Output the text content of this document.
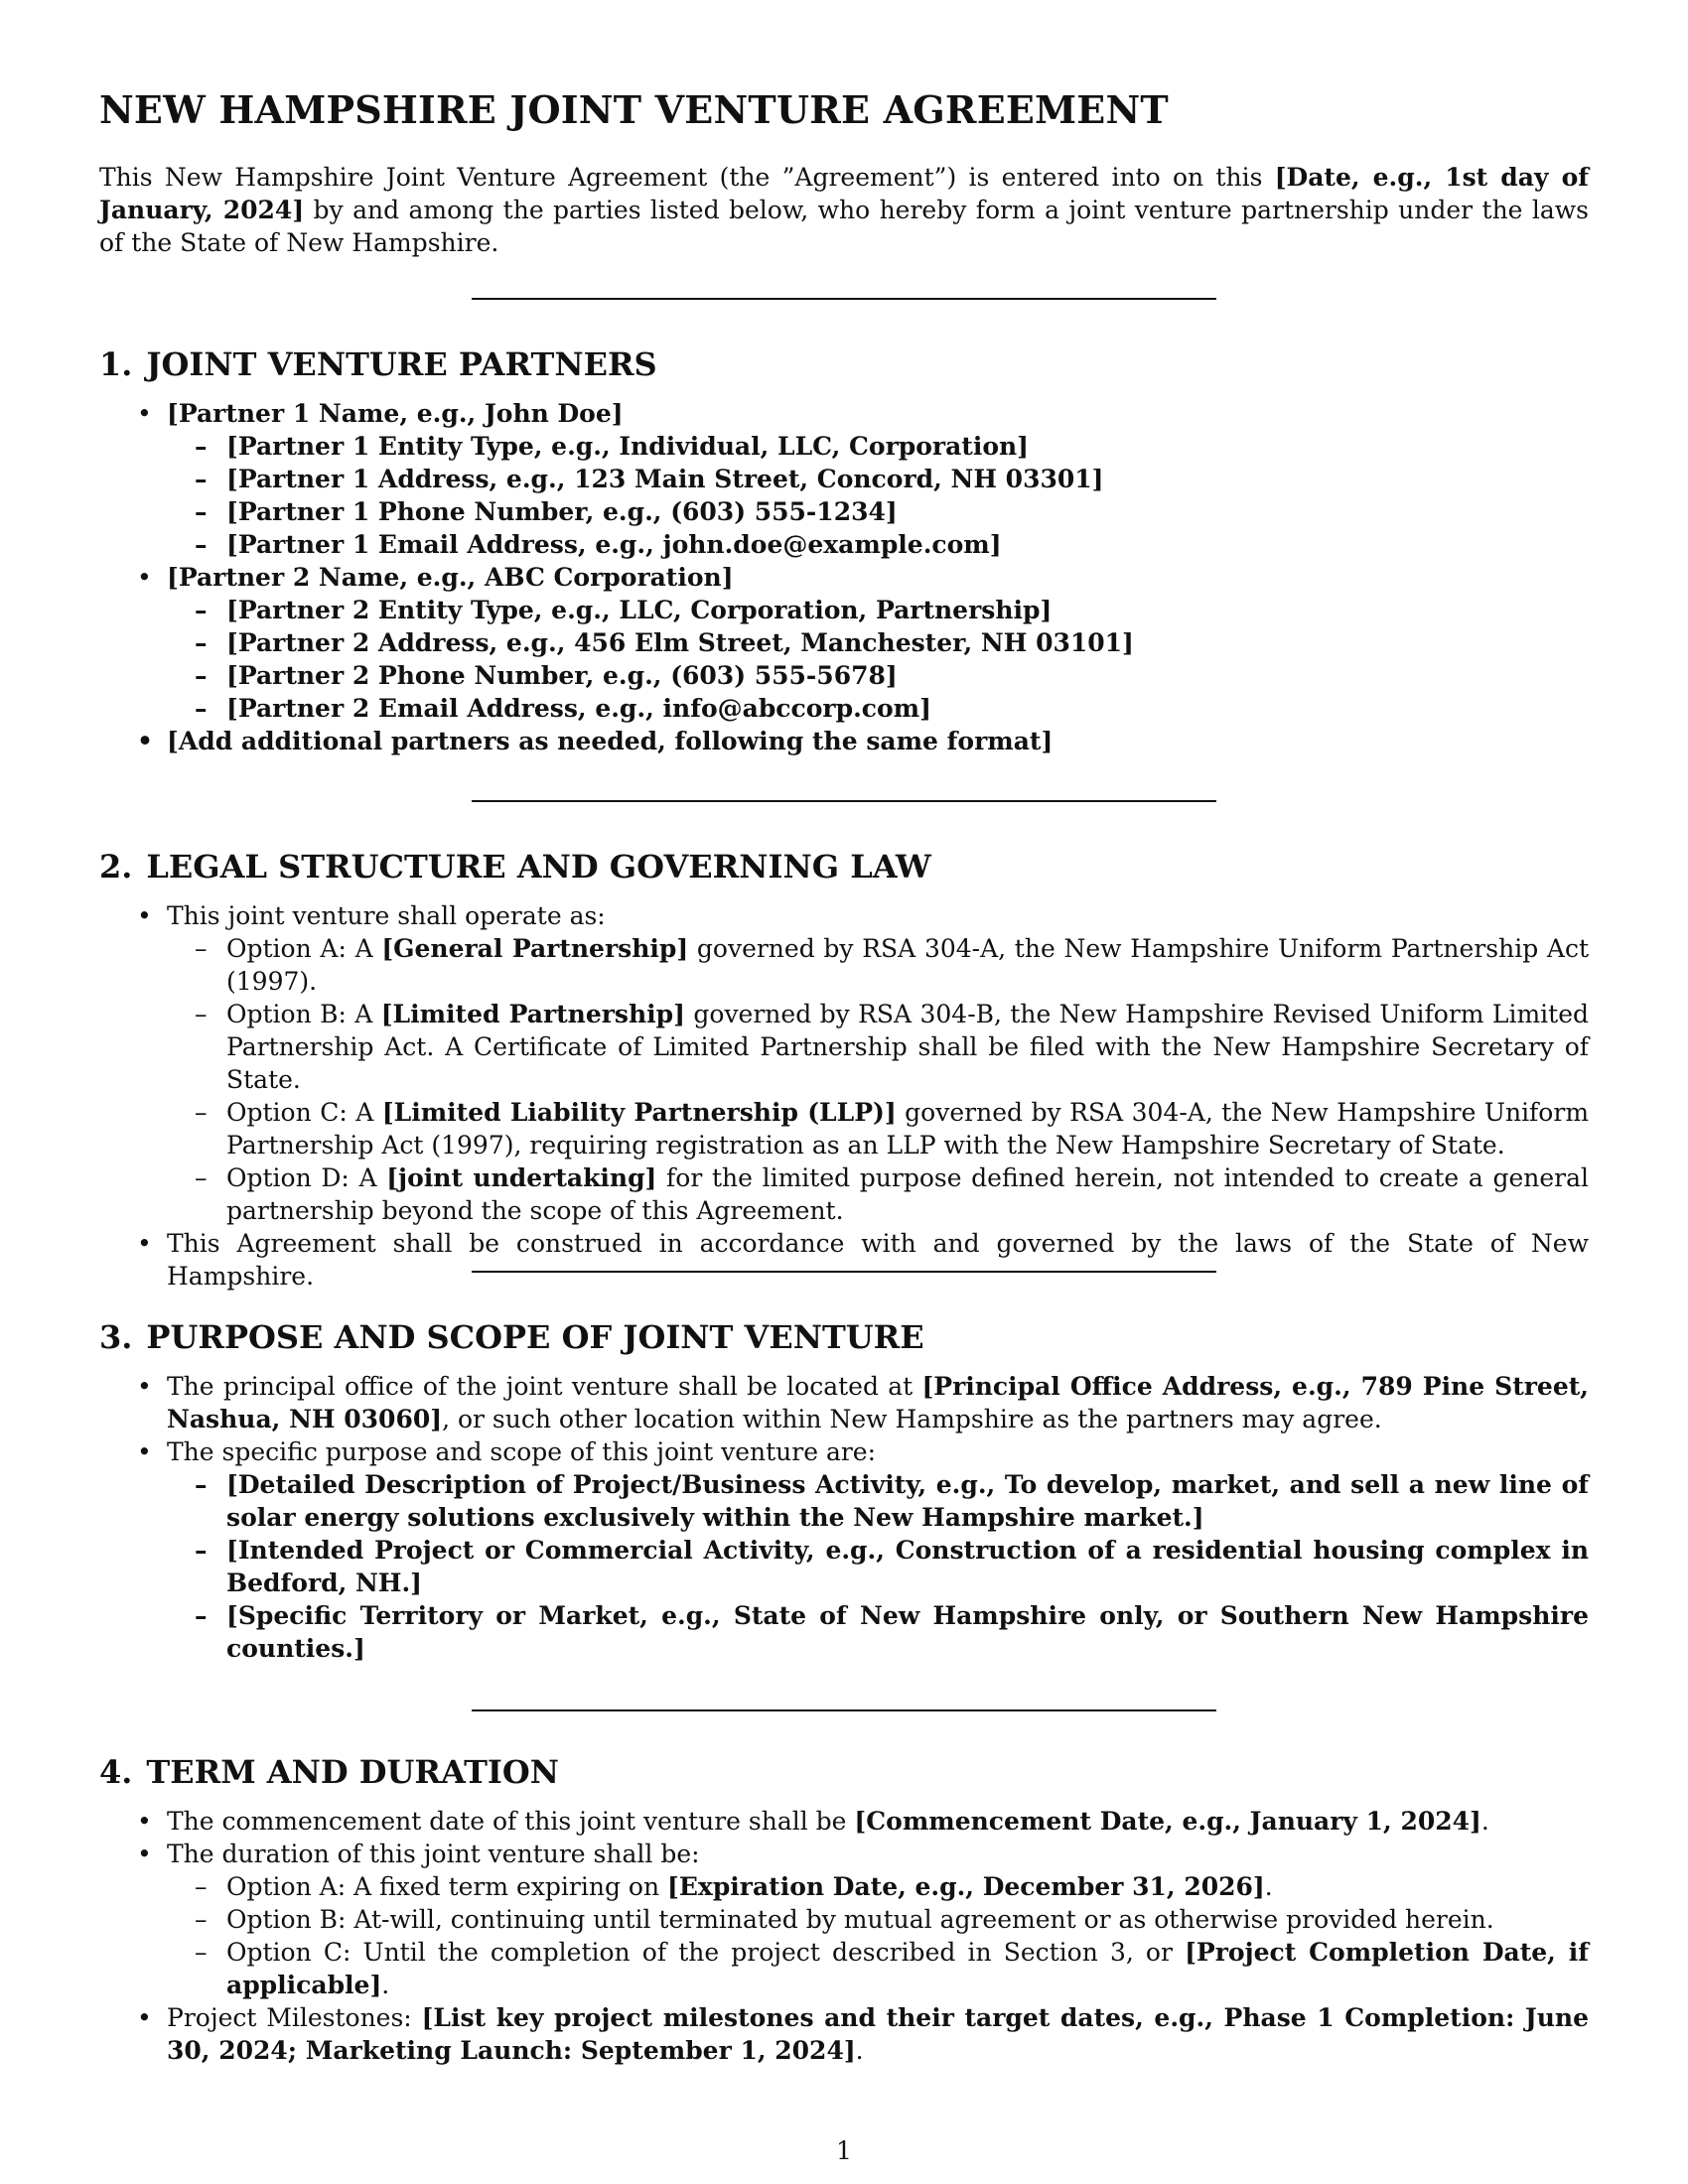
NEW HAMPSHIRE JOINT VENTURE AGREEMENT

This New Hampshire Joint Venture Agreement (the ”Agreement”) is entered into on this [Date, e.g., 1st day of January, 2024] by and among the parties listed below, who hereby form a joint venture partnership under the laws of the State of New Hampshire.

1. JOINT VENTURE PARTNERS
• [Partner 1 Name, e.g., John Doe]
– [Partner 1 Entity Type, e.g., Individual, LLC, Corporation]
– [Partner 1 Address, e.g., 123 Main Street, Concord, NH 03301]
– [Partner 1 Phone Number, e.g., (603) 555-1234]
– [Partner 1 Email Address, e.g., john.doe@example.com]
• [Partner 2 Name, e.g., ABC Corporation]
– [Partner 2 Entity Type, e.g., LLC, Corporation, Partnership]
– [Partner 2 Address, e.g., 456 Elm Street, Manchester, NH 03101]
– [Partner 2 Phone Number, e.g., (603) 555-5678]
– [Partner 2 Email Address, e.g., info@abccorp.com]
• [Add additional partners as needed, following the same format]
2. LEGAL STRUCTURE AND GOVERNING LAW
• This joint venture shall operate as:
– Option A: A [General Partnership] governed by RSA 304-A, the New Hampshire Uniform Partnership Act (1997).
– Option B: A [Limited Partnership] governed by RSA 304-B, the New Hampshire Revised Uniform Limited Partnership Act. A Certificate of Limited Partnership shall be filed with the New Hampshire Secretary of State.
– Option C: A [Limited Liability Partnership (LLP)] governed by RSA 304-A, the New Hampshire Uniform Partnership Act (1997), requiring registration as an LLP with the New Hampshire Secretary of State.
– Option D: A [joint undertaking] for the limited purpose defined herein, not intended to create a general partnership beyond the scope of this Agreement.
• This Agreement shall be construed in accordance with and governed by the laws of the State of New Hampshire.
3. PURPOSE AND SCOPE OF JOINT VENTURE
• The principal office of the joint venture shall be located at [Principal Office Address, e.g., 789 Pine Street, Nashua, NH 03060], or such other location within New Hampshire as the partners may agree.
• The specific purpose and scope of this joint venture are:
– [Detailed Description of Project/Business Activity, e.g., To develop, market, and sell a new line of solar energy solutions exclusively within the New Hampshire market.]
– [Intended Project or Commercial Activity, e.g., Construction of a residential housing complex in Bedford, NH.]
– [Specific Territory or Market, e.g., State of New Hampshire only, or Southern New Hampshire counties.]
4. TERM AND DURATION
• The commencement date of this joint venture shall be [Commencement Date, e.g., January 1, 2024].
• The duration of this joint venture shall be:
– Option A: A fixed term expiring on [Expiration Date, e.g., December 31, 2026].
– Option B: At-will, continuing until terminated by mutual agreement or as otherwise provided herein.
– Option C: Until the completion of the project described in Section 3, or [Project Completion Date, if applicable].
• Project Milestones: [List key project milestones and their target dates, e.g., Phase 1 Completion: June 30, 2024; Marketing Launch: September 1, 2024].
1
